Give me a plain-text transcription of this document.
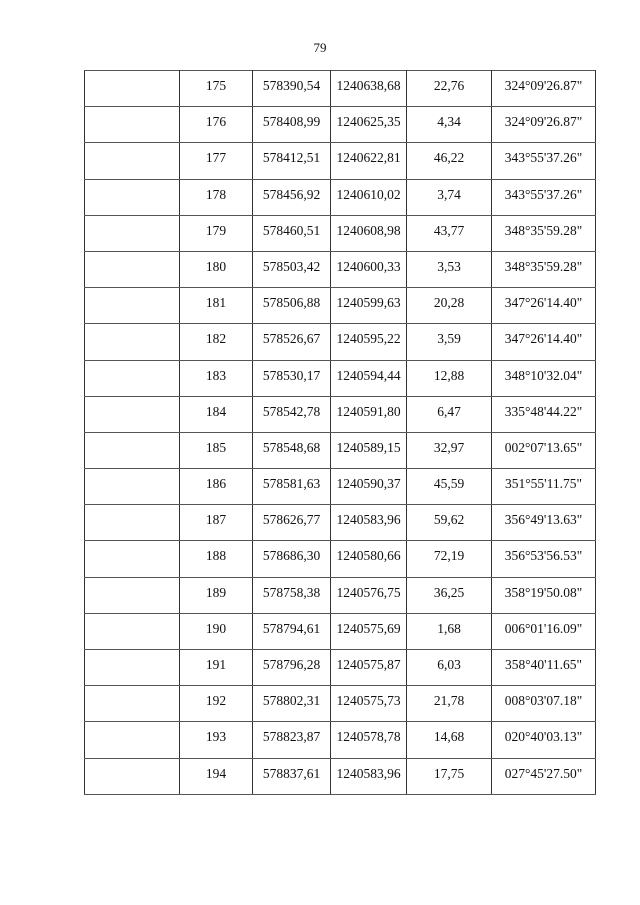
79
	175	578390,54	1240638,68	22,76	324°09'26.87"
	176	578408,99	1240625,35	4,34	324°09'26.87"
	177	578412,51	1240622,81	46,22	343°55'37.26"
	178	578456,92	1240610,02	3,74	343°55'37.26"
	179	578460,51	1240608,98	43,77	348°35'59.28"
	180	578503,42	1240600,33	3,53	348°35'59.28"
	181	578506,88	1240599,63	20,28	347°26'14.40"
	182	578526,67	1240595,22	3,59	347°26'14.40"
	183	578530,17	1240594,44	12,88	348°10'32.04"
	184	578542,78	1240591,80	6,47	335°48'44.22"
	185	578548,68	1240589,15	32,97	002°07'13.65"
	186	578581,63	1240590,37	45,59	351°55'11.75"
	187	578626,77	1240583,96	59,62	356°49'13.63"
	188	578686,30	1240580,66	72,19	356°53'56.53"
	189	578758,38	1240576,75	36,25	358°19'50.08"
	190	578794,61	1240575,69	1,68	006°01'16.09"
	191	578796,28	1240575,87	6,03	358°40'11.65"
	192	578802,31	1240575,73	21,78	008°03'07.18"
	193	578823,87	1240578,78	14,68	020°40'03.13"
	194	578837,61	1240583,96	17,75	027°45'27.50"
